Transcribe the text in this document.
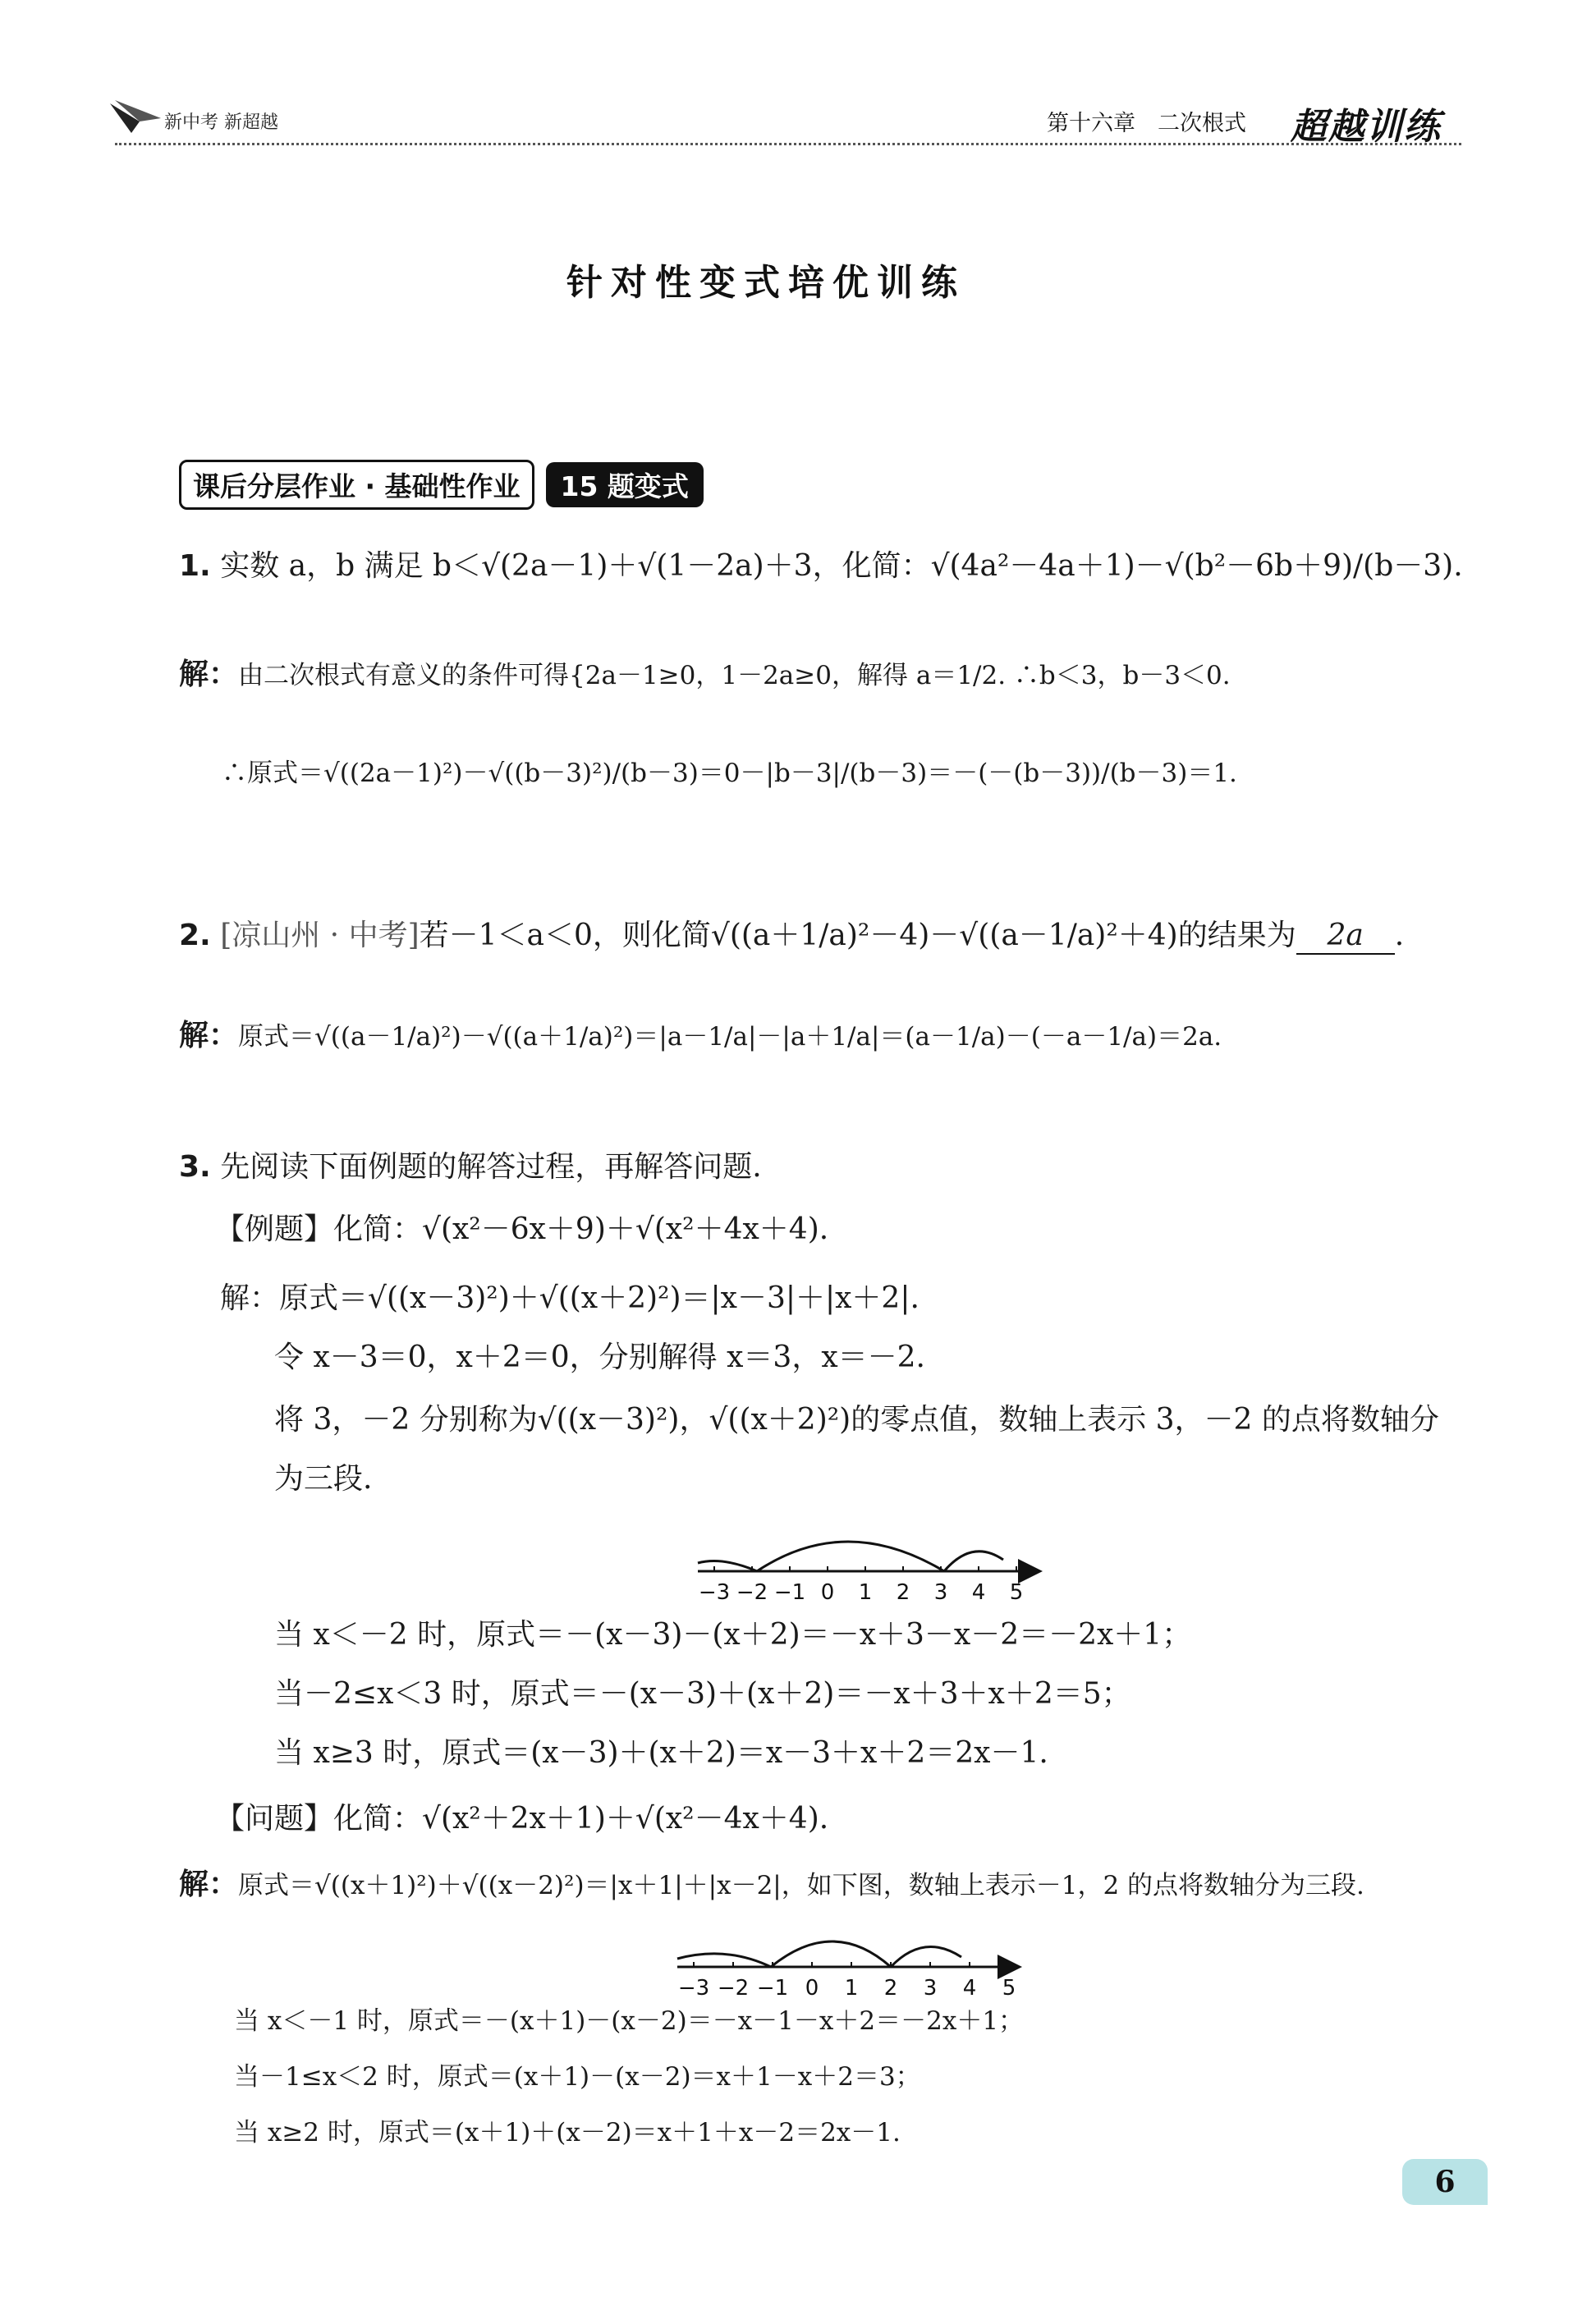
新中考 新超越	第十六章　二次根式 超越训练
针对性变式培优训练
课后分层作业 · 基础性作业	15 题变式
1. 实数 a，b 满足 b＜√(2a－1)＋√(1－2a)＋3，化简：√(4a²－4a＋1)－√(b²－6b＋9)/(b－3).
解：由二次根式有意义的条件可得{2a－1≥0，1－2a≥0，解得 a＝1/2. ∴b＜3，b－3＜0.
∴原式＝√((2a－1)²)－√((b－3)²)/(b－3)＝0－|b－3|/(b－3)＝－(－(b－3))/(b－3)＝1.
2. [凉山州 · 中考]若－1＜a＜0，则化简√((a＋1/a)²－4)－√((a－1/a)²＋4)的结果为 2a .
解：原式＝√((a－1/a)²)－√((a＋1/a)²)＝|a－1/a|－|a＋1/a|＝(a－1/a)－(－a－1/a)＝2a.
3. 先阅读下面例题的解答过程，再解答问题.
【例题】化简：√(x²－6x＋9)＋√(x²＋4x＋4).
解：原式＝√((x－3)²)＋√((x＋2)²)＝|x－3|＋|x＋2|.
令 x－3＝0，x＋2＝0，分别解得 x＝3，x＝－2.
将 3，－2 分别称为√((x－3)²)，√((x＋2)²)的零点值，数轴上表示 3，－2 的点将数轴分
为三段.
−3 −2 −1 0 1 2 3 4 5
当 x＜－2 时，原式＝－(x－3)－(x＋2)＝－x＋3－x－2＝－2x＋1；
当－2≤x＜3 时，原式＝－(x－3)＋(x＋2)＝－x＋3＋x＋2＝5；
当 x≥3 时，原式＝(x－3)＋(x＋2)＝x－3＋x＋2＝2x－1.
【问题】化简：√(x²＋2x＋1)＋√(x²－4x＋4).
解：原式＝√((x＋1)²)＋√((x－2)²)＝|x＋1|＋|x－2|，如下图，数轴上表示－1，2 的点将数轴分为三段.
−3 −2 −1 0 1 2 3 4 5
当 x＜－1 时，原式＝－(x＋1)－(x－2)＝－x－1－x＋2＝－2x＋1；
当－1≤x＜2 时，原式＝(x＋1)－(x－2)＝x＋1－x＋2＝3；
当 x≥2 时，原式＝(x＋1)＋(x－2)＝x＋1＋x－2＝2x－1.
6
